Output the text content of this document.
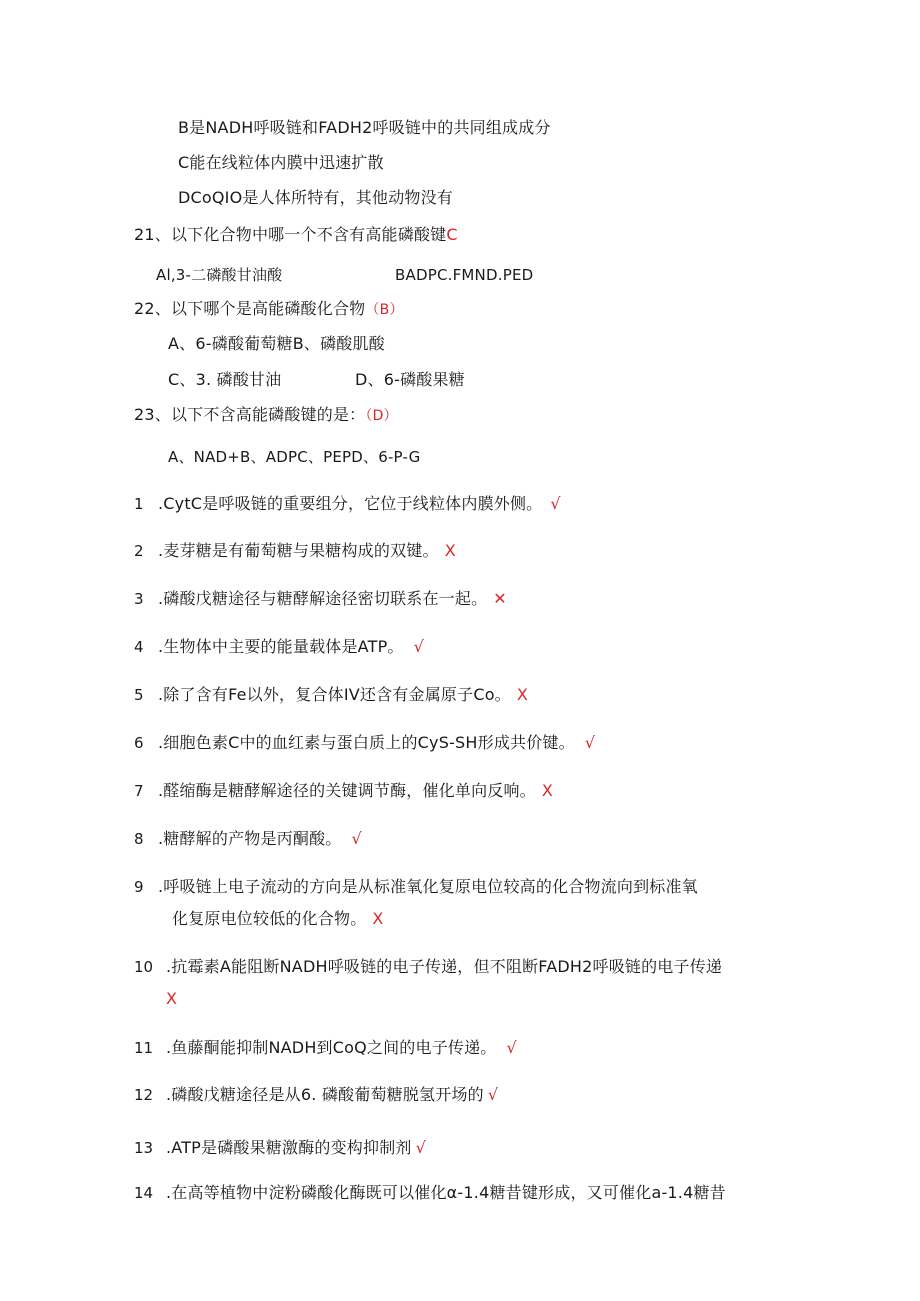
B是NADH呼吸链和FADH2呼吸链中的共同组成成分
C能在线粒体内膜中迅速扩散
DCoQIO是人体所特有，其他动物没有
21、以下化合物中哪一个不含有高能磷酸键C
Al,3-二磷酸甘油酸	BADPC.FMND.PED
22、以下哪个是高能磷酸化合物（B）
A、6-磷酸葡萄糖B、磷酸肌酸
C、3. 磷酸甘油	D、6-磷酸果糖
23、以下不含高能磷酸键的是：（D）
A、NAD+B、ADPC、PEPD、6-P-G
1 .CytC是呼吸链的重要组分，它位于线粒体内膜外侧。 √
2 .麦芽糖是有葡萄糖与果糖构成的双键。 X
3 .磷酸戊糖途径与糖酵解途径密切联系在一起。 ✕
4 .生物体中主要的能量载体是ATP。 √
5 .除了含有Fe以外，复合体IV还含有金属原子Co。 X
6 .细胞色素C中的血红素与蛋白质上的CyS-SH形成共价键。 √
7 .醛缩酶是糖酵解途径的关键调节酶，催化单向反响。 X
8 .糖酵解的产物是丙酮酸。 √
9 .呼吸链上电子流动的方向是从标准氧化复原电位较高的化合物流向到标准氧
化复原电位较低的化合物。 X
10 .抗霉素A能阻断NADH呼吸链的电子传递，但不阻断FADH2呼吸链的电子传递
X
11 .鱼藤酮能抑制NADH到CoQ之间的电子传递。 √
12 .磷酸戊糖途径是从6. 磷酸葡萄糖脱氢开场的 √
13 .ATP是磷酸果糖激酶的变构抑制剂 √
14 .在高等植物中淀粉磷酸化酶既可以催化α-1.4糖昔键形成，又可催化a-1.4糖昔
